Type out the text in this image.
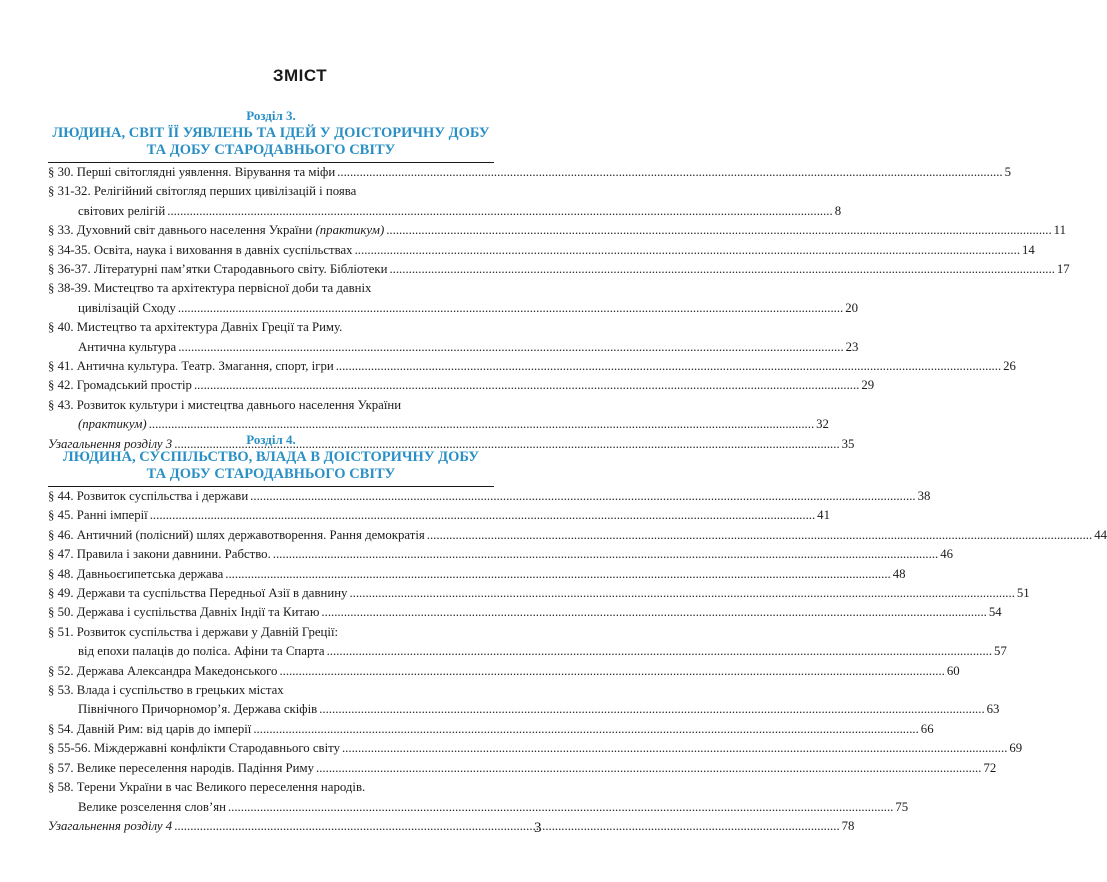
ЗМІСТ
Розділ 3.
ЛЮДИНА, СВІТ ЇЇ УЯВЛЕНЬ ТА ІДЕЙ У ДОІСТОРИЧНУ ДОБУ
ТА ДОБУ СТАРОДАВНЬОГО СВІТУ
§ 30. Перші світоглядні уявлення. Вірування та міфи .....	5
§ 31-32. Релігійний світогляд перших цивілізацій і поява
світових релігій .....	8
§ 33. Духовний світ давнього населення України (практикум) .....	11
§ 34-35. Освіта, наука і виховання в давніх суспільствах .....	14
§ 36-37. Літературні пам’ятки Стародавнього світу. Бібліотеки .....	17
§ 38-39. Мистецтво та архітектура первісної доби та давніх
цивілізацій Сходу .....	20
§ 40. Мистецтво та архітектура Давніх Греції та Риму.
Антична культура .....	23
§ 41. Антична культура. Театр. Змагання, спорт, ігри .....	26
§ 42. Громадський простір .....	29
§ 43. Розвиток культури і мистецтва давнього населення України
(практикум) .....	32
Узагальнення розділу 3 .....	35
Розділ 4.
ЛЮДИНА, СУСПІЛЬСТВО, ВЛАДА В ДОІСТОРИЧНУ ДОБУ
ТА ДОБУ СТАРОДАВНЬОГО СВІТУ
§ 44. Розвиток суспільства і держави .....	38
§ 45. Ранні імперії .....	41
§ 46. Античний (полісний) шлях державотворення. Рання демократія .....	44
§ 47. Правила і закони давнини. Рабство. .....	46
§ 48. Давньоєгипетська держава .....	48
§ 49. Держави та суспільства Передньої Азії в давнину .....	51
§ 50. Держава і суспільства Давніх Індії та Китаю .....	54
§ 51. Розвиток суспільства і держави у Давній Греції:
від епохи палаців до поліса. Афіни та Спарта .....	57
§ 52. Держава Александра Македонського .....	60
§ 53. Влада і суспільство в грецьких містах
Північного Причорномор’я. Держава скіфів .....	63
§ 54. Давній Рим: від царів до імперії .....	66
§ 55-56. Міждержавні конфлікти Стародавнього світу .....	69
§ 57. Велике переселення народів. Падіння Риму .....	72
§ 58. Терени України в час Великого переселення народів.
Велике розселення слов’ян .....	75
Узагальнення розділу 4 .....	78
3
